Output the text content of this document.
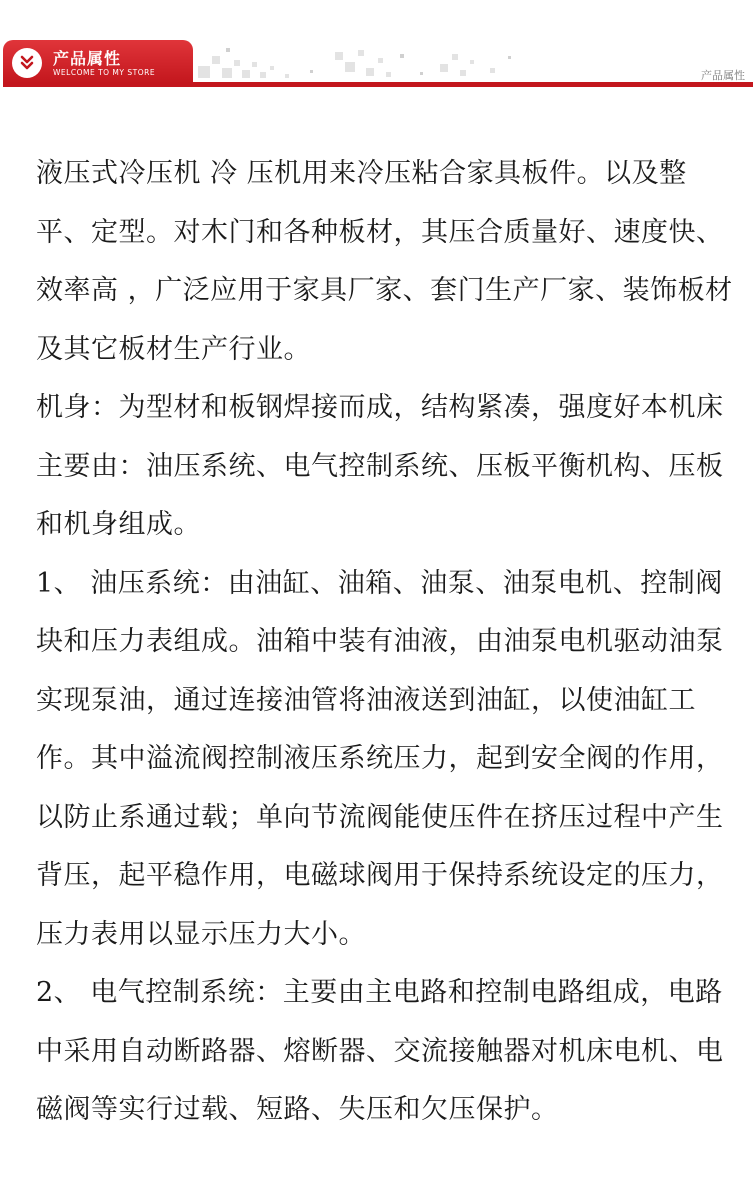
产品属性
WELCOME TO MY STORE	产品属性

液压式冷压机 冷 压机用来冷压粘合家具板件。以及整平、定型。对木门和各种板材，其压合质量好、速度快、效率高 ，广泛应用于家具厂家、套门生产厂家、装饰板材及其它板材生产行业。

机身：为型材和板钢焊接而成，结构紧凑，强度好本机床主要由：油压系统、电气控制系统、压板平衡机构、压板和机身组成。

1、 油压系统：由油缸、油箱、油泵、油泵电机、控制阀块和压力表组成。油箱中装有油液，由油泵电机驱动油泵实现泵油，通过连接油管将油液送到油缸，以使油缸工作。其中溢流阀控制液压系统压力，起到安全阀的作用，以防止系通过载；单向节流阀能使压件在挤压过程中产生背压，起平稳作用，电磁球阀用于保持系统设定的压力，压力表用以显示压力大小。

2、 电气控制系统：主要由主电路和控制电路组成，电路中采用自动断路器、熔断器、交流接触器对机床电机、电磁阀等实行过载、短路、失压和欠压保护。
